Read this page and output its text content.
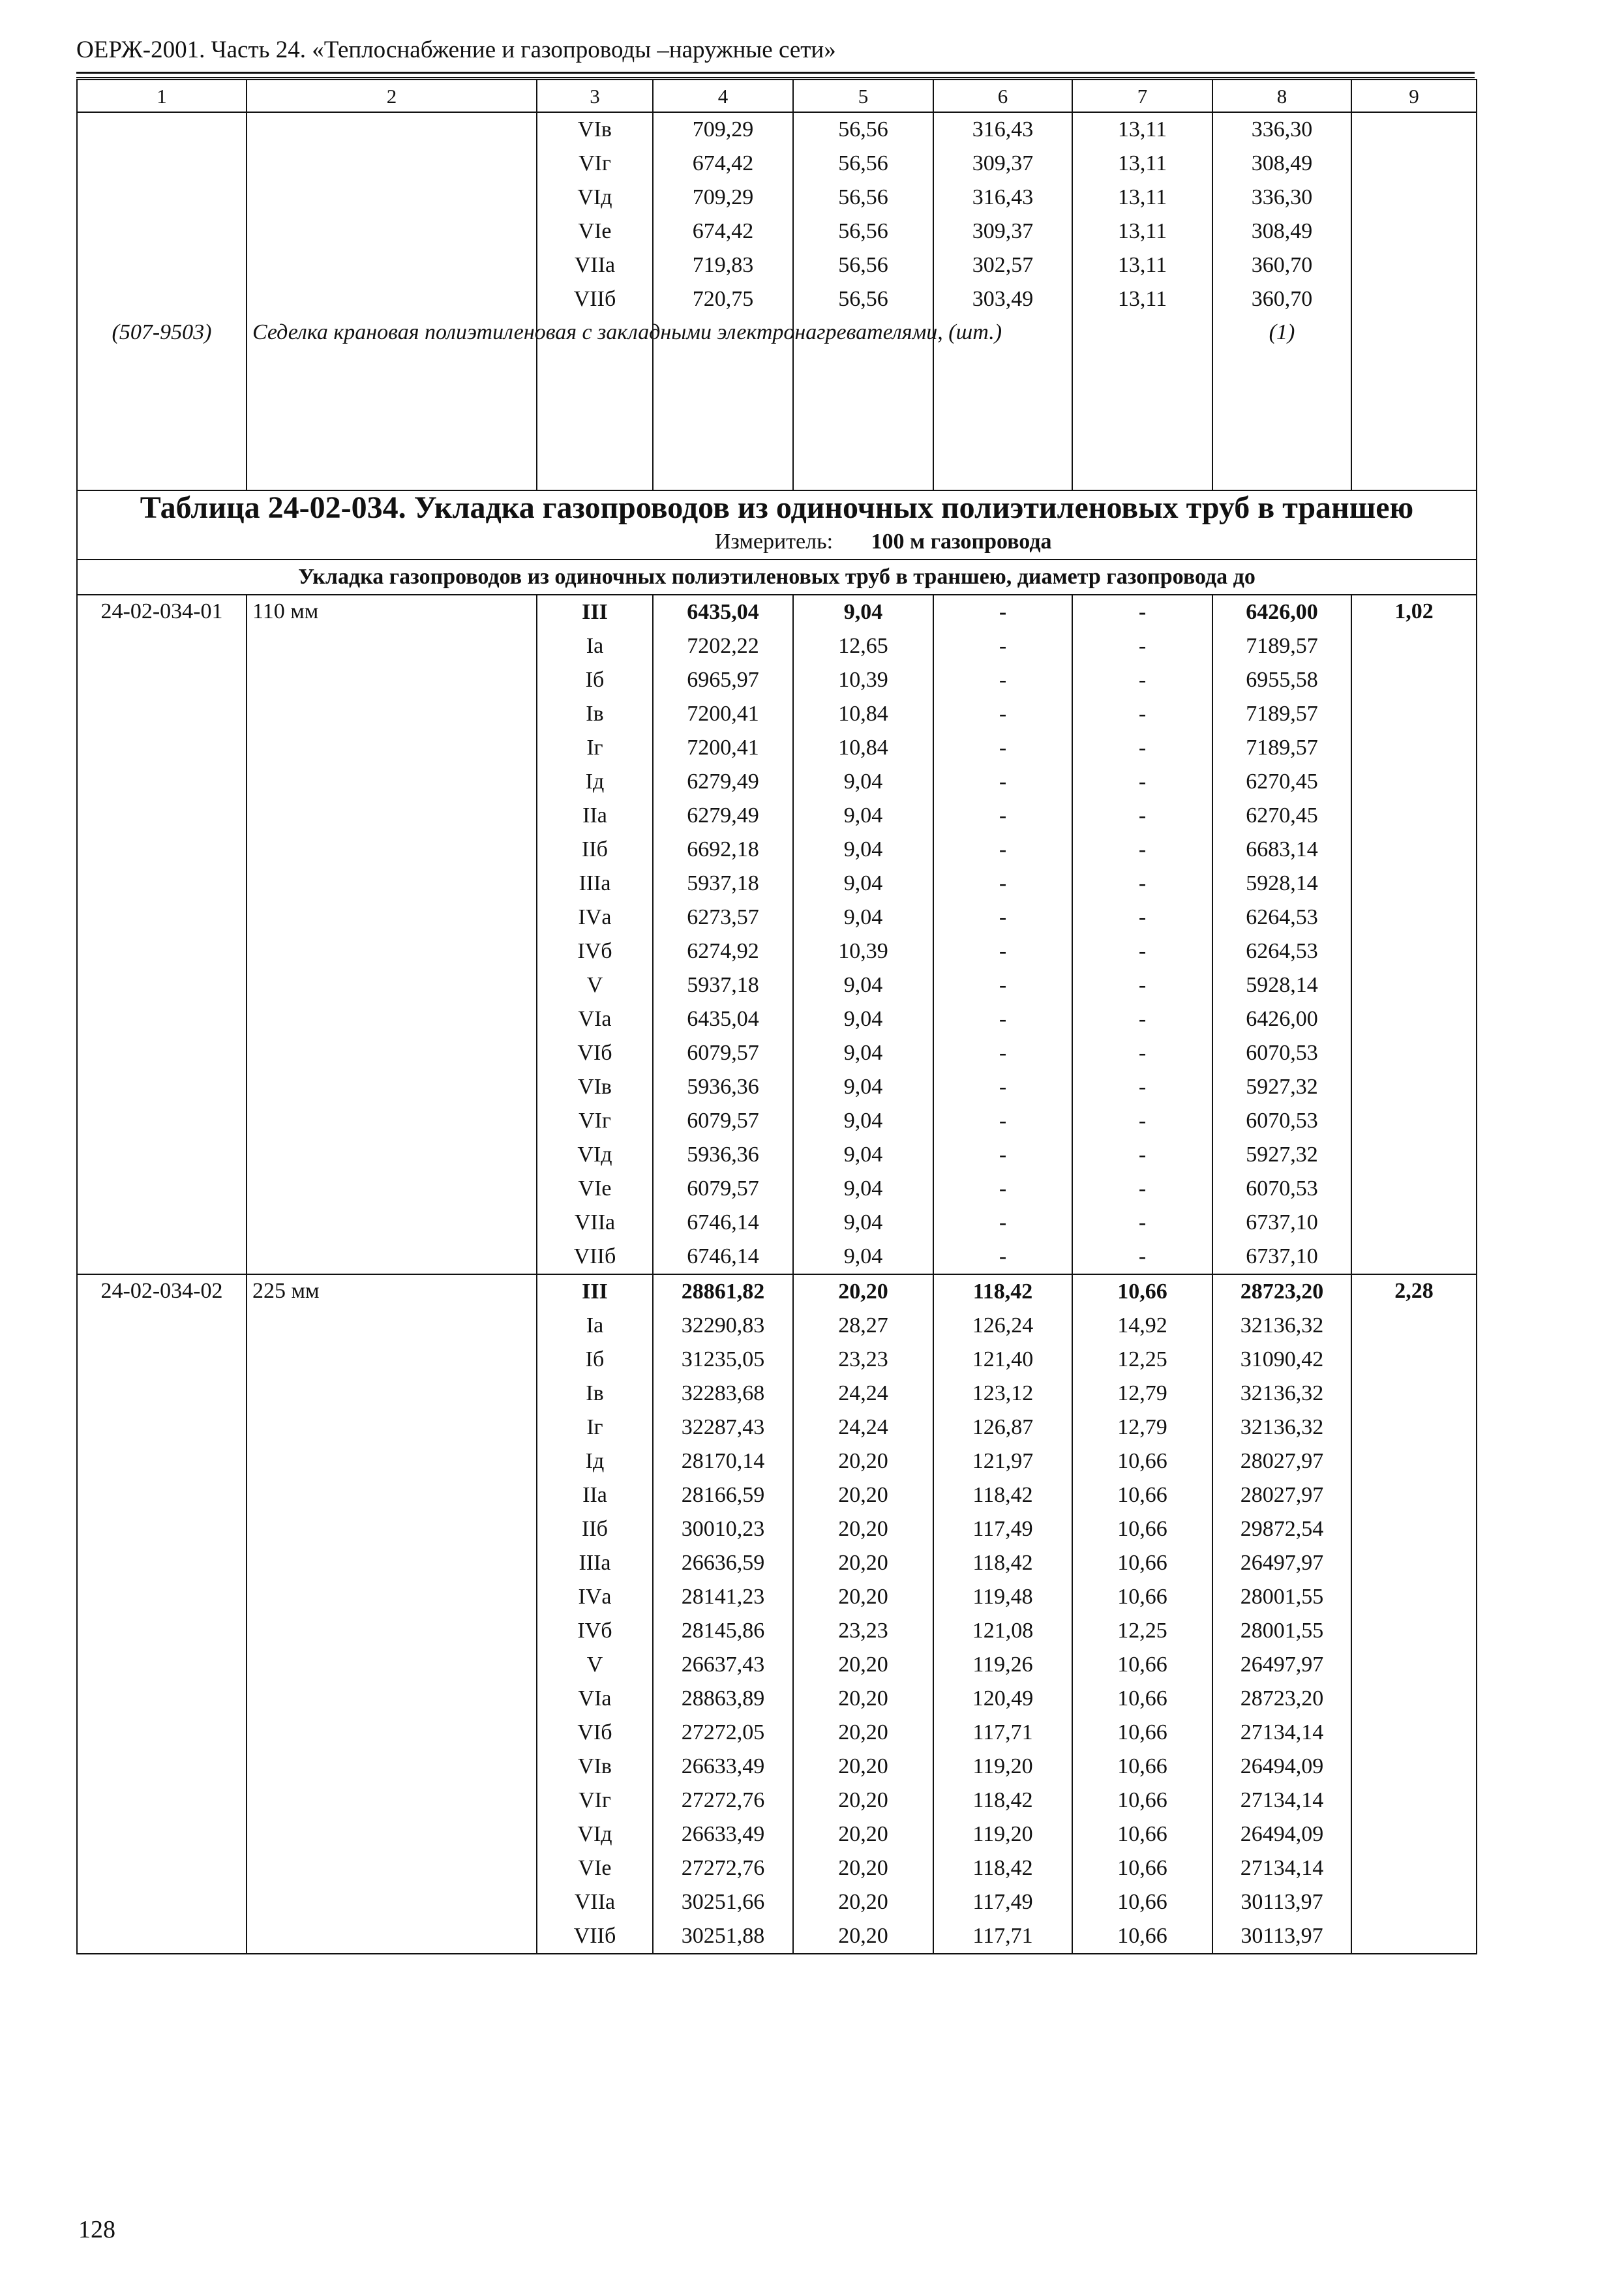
ОЕРЖ-2001. Часть 24. «Теплоснабжение и газопроводы –наружные сети»
1	2	3	4	5	6	7	8	9
		VIв	709,29	56,56	316,43	13,11	336,30	
		VIг	674,42	56,56	309,37	13,11	308,49	
		VIд	709,29	56,56	316,43	13,11	336,30	
		VIе	674,42	56,56	309,37	13,11	308,49	
		VIIа	719,83	56,56	302,57	13,11	360,70	
		VIIб	720,75	56,56	303,49	13,11	360,70	
(507-9503)	Седелка крановая полиэтиленовая с закладными электронагревателями, (шт.)						(1)	
Таблица 24-02-034. Укладка газопроводов из одиночных полиэтиленовых труб в траншею								
Измеритель: 100 м газопровода								
Укладка газопроводов из одиночных полиэтиленовых труб в траншею, диаметр газопровода до								
24-02-034-01	110 мм	III	6435,04	9,04	-	-	6426,00	1,02
		Iа	7202,22	12,65	-	-	7189,57	
		Iб	6965,97	10,39	-	-	6955,58	
		Iв	7200,41	10,84	-	-	7189,57	
		Iг	7200,41	10,84	-	-	7189,57	
		Iд	6279,49	9,04	-	-	6270,45	
		IIа	6279,49	9,04	-	-	6270,45	
		IIб	6692,18	9,04	-	-	6683,14	
		IIIа	5937,18	9,04	-	-	5928,14	
		IVа	6273,57	9,04	-	-	6264,53	
		IVб	6274,92	10,39	-	-	6264,53	
		V	5937,18	9,04	-	-	5928,14	
		VIа	6435,04	9,04	-	-	6426,00	
		VIб	6079,57	9,04	-	-	6070,53	
		VIв	5936,36	9,04	-	-	5927,32	
		VIг	6079,57	9,04	-	-	6070,53	
		VIд	5936,36	9,04	-	-	5927,32	
		VIе	6079,57	9,04	-	-	6070,53	
		VIIа	6746,14	9,04	-	-	6737,10	
		VIIб	6746,14	9,04	-	-	6737,10	
24-02-034-02	225 мм	III	28861,82	20,20	118,42	10,66	28723,20	2,28
		Iа	32290,83	28,27	126,24	14,92	32136,32	
		Iб	31235,05	23,23	121,40	12,25	31090,42	
		Iв	32283,68	24,24	123,12	12,79	32136,32	
		Iг	32287,43	24,24	126,87	12,79	32136,32	
		Iд	28170,14	20,20	121,97	10,66	28027,97	
		IIа	28166,59	20,20	118,42	10,66	28027,97	
		IIб	30010,23	20,20	117,49	10,66	29872,54	
		IIIа	26636,59	20,20	118,42	10,66	26497,97	
		IVа	28141,23	20,20	119,48	10,66	28001,55	
		IVб	28145,86	23,23	121,08	12,25	28001,55	
		V	26637,43	20,20	119,26	10,66	26497,97	
		VIа	28863,89	20,20	120,49	10,66	28723,20	
		VIб	27272,05	20,20	117,71	10,66	27134,14	
		VIв	26633,49	20,20	119,20	10,66	26494,09	
		VIг	27272,76	20,20	118,42	10,66	27134,14	
		VIд	26633,49	20,20	119,20	10,66	26494,09	
		VIе	27272,76	20,20	118,42	10,66	27134,14	
		VIIа	30251,66	20,20	117,49	10,66	30113,97	
		VIIб	30251,88	20,20	117,71	10,66	30113,97	
128
